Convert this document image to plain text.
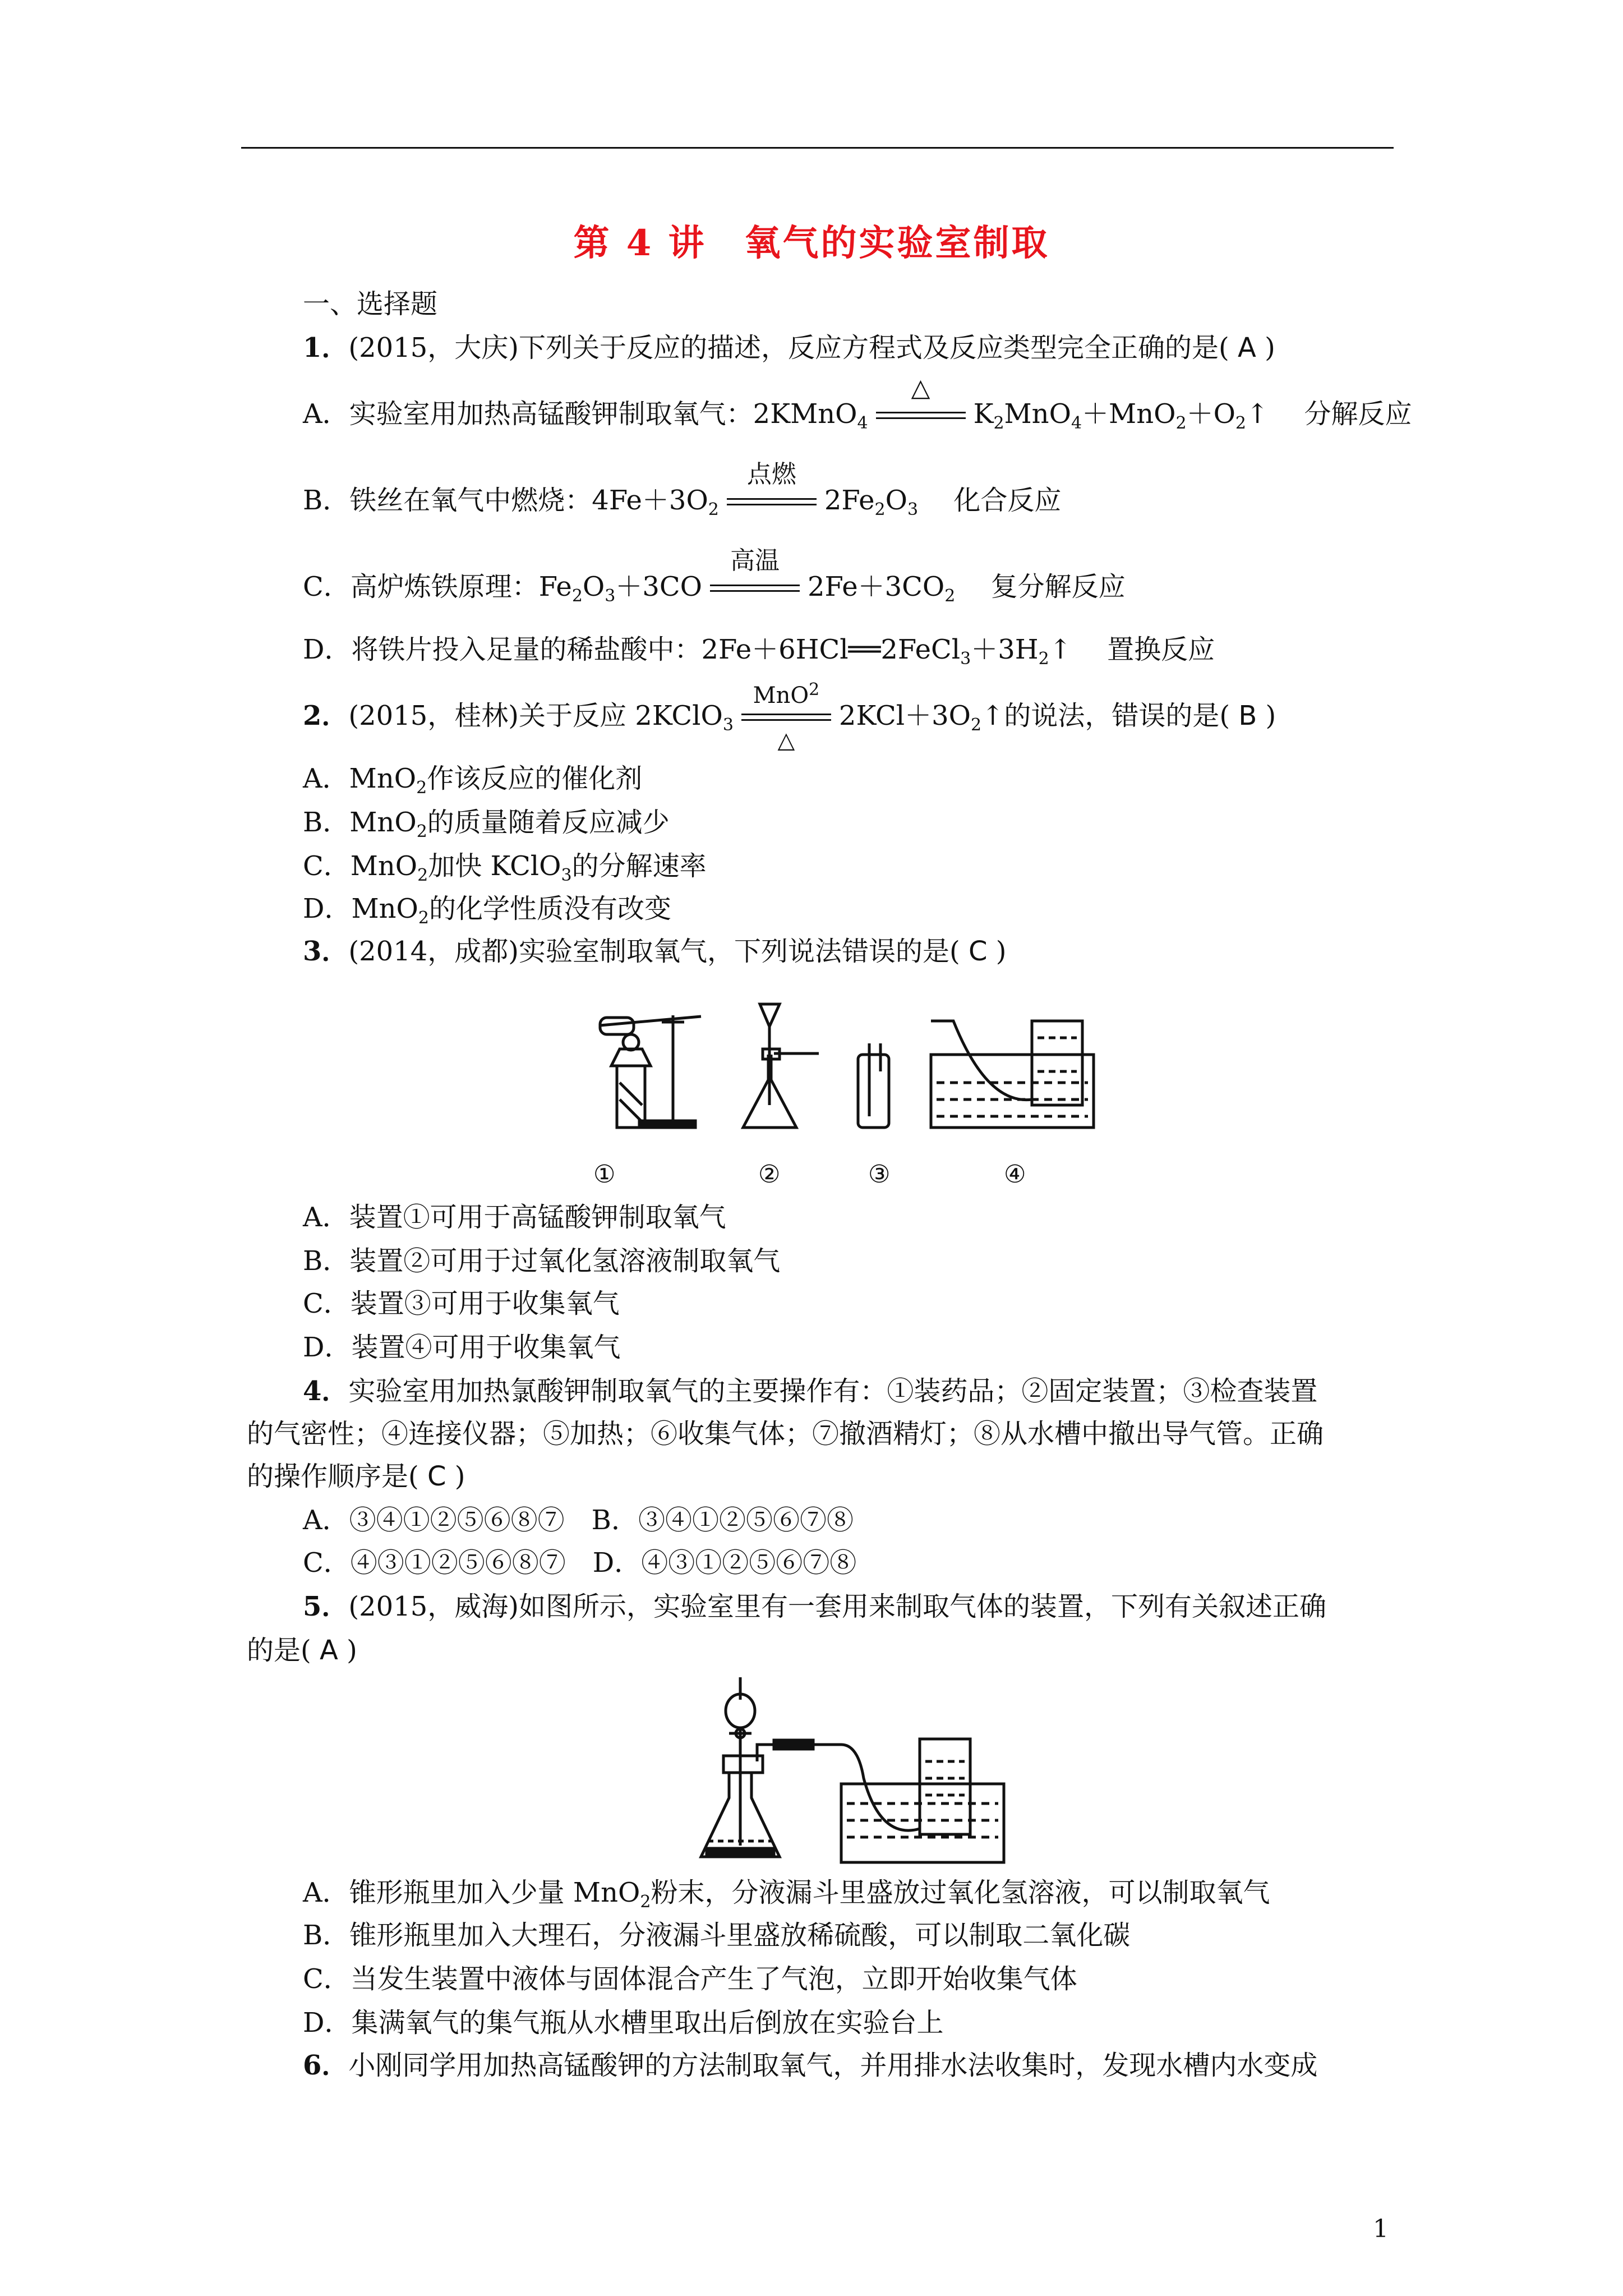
第 4 讲　氧气的实验室制取
一、选择题
1．(2015，大庆)下列关于反应的描述，反应方程式及反应类型完全正确的是( A )
A．实验室用加热高锰酸钾制取氧气：2KMnO$_4$
△
$K_2MnO_4+MnO_2+O_2↑$　 分解反应
B．铁丝在氧气中燃烧：$4Fe+3O_2$
点燃
$2Fe_2O_3$　 化合反应
C．高炉炼铁原理：$Fe_2O_3+3CO$
高温
$2Fe+3CO_2$　 复分解反应
D．将铁片投入足量的稀盐酸中：$2Fe+6HCl══2FeCl_3+3H_2↑$　 置换反应
2．(2015，桂林)关于反应 2KClO$_3$
MnO$^2$
△
$2KCl+3O_2↑$的说法，错误的是( B )
A．MnO$_2$作该反应的催化剂
B．MnO$_2$的质量随着反应减少
C．MnO$_2$加快 KClO$_3$的分解速率
D．MnO$_2$的化学性质没有改变
3．(2014，成都)实验室制取氧气，下列说法错误的是( C )
①	②	③	④
A．装置①可用于高锰酸钾制取氧气
B．装置②可用于过氧化氢溶液制取氧气
C．装置③可用于收集氧气
D．装置④可用于收集氧气
4．实验室用加热氯酸钾制取氧气的主要操作有：①装药品；②固定装置；③检查装置
的气密性；④连接仪器；⑤加热；⑥收集气体；⑦撤酒精灯；⑧从水槽中撤出导气管。正确
的操作顺序是( C )
A．③④①②⑤⑥⑧⑦　B．③④①②⑤⑥⑦⑧
C．④③①②⑤⑥⑧⑦　D．④③①②⑤⑥⑦⑧
5．(2015，威海)如图所示，实验室里有一套用来制取气体的装置，下列有关叙述正确
的是( A )
A．锥形瓶里加入少量 MnO$_2$粉末，分液漏斗里盛放过氧化氢溶液，可以制取氧气
B．锥形瓶里加入大理石，分液漏斗里盛放稀硫酸，可以制取二氧化碳
C．当发生装置中液体与固体混合产生了气泡，立即开始收集气体
D．集满氧气的集气瓶从水槽里取出后倒放在实验台上
6．小刚同学用加热高锰酸钾的方法制取氧气，并用排水法收集时，发现水槽内水变成
1
